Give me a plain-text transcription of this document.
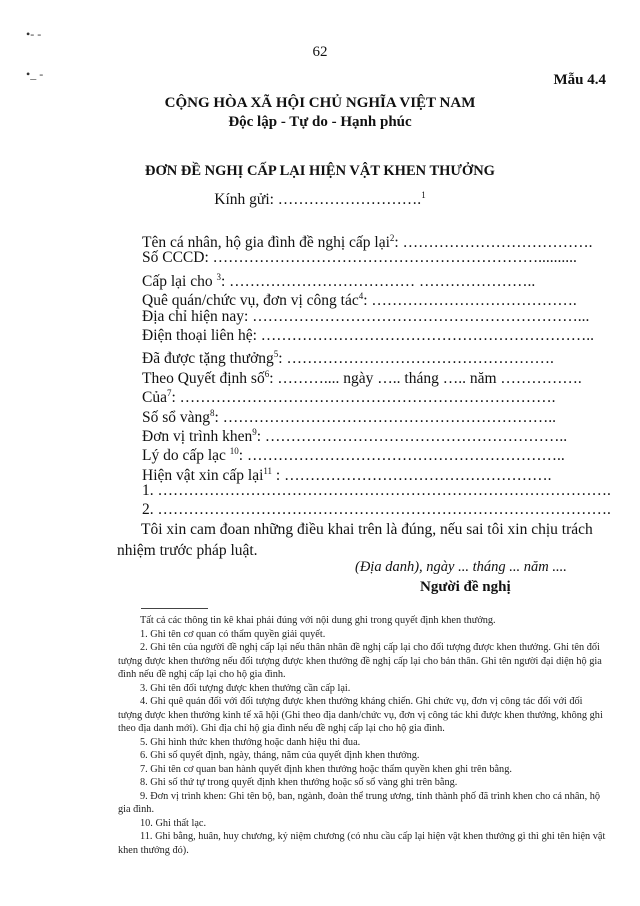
•- -
•_ -
62
Mẫu 4.4
CỘNG HÒA XÃ HỘI CHỦ NGHĨA VIỆT NAM
Độc lập - Tự do - Hạnh phúc
ĐƠN ĐỀ NGHỊ CẤP LẠI HIỆN VẬT KHEN THƯỞNG
Kính gửi: ……………………….$^1$
Tên cá nhân, hộ gia đình đề nghị cấp lại$^2$: ……………………………….
Số CCCD: ………………………………………………………..........
Cấp lại cho $^3$: ……………………………… …………………..
Quê quán/chức vụ, đơn vị công tác$^4$: ………………………………….
Địa chỉ hiện nay: ………………………………………………………...
Điện thoại liên hệ: ………………………………………………………..
Đã được tặng thưởng$^5$: …………………………………………….
Theo Quyết định số$^6$: ……….... ngày ….. tháng ….. năm …………….
Của$^7$: ……………………………………………………………….
Số sổ vàng$^8$: ………………………………………………………..
Đơn vị trình khen$^9$: …………………………………………………..
Lý do cấp lạc $^{10}$: ……………………………………………………..
Hiện vật xin cấp lại$^{11}$ : …………………………………………….
1. …………………………………………………………………………….
2. …………………………………………………………………………….
Tôi xin cam đoan những điều khai trên là đúng, nếu sai tôi xin chịu trách nhiệm trước pháp luật.
(Địa danh), ngày ... tháng ... năm ....
Người đề nghị

Tất cả các thông tin kê khai phải đúng với nội dung ghi trong quyết định khen thưởng.

1. Ghi tên cơ quan có thẩm quyền giải quyết.

2. Ghi tên của người đề nghị cấp lại nếu thân nhân đề nghị cấp lại cho đối tượng được khen thưởng. Ghi tên đối tượng được khen thưởng nếu đối tượng được khen thưởng đề nghị cấp lại cho bản thân. Ghi tên người đại diện hộ gia đình nếu đề nghị cấp lại cho hộ gia đình.

3. Ghi tên đối tượng được khen thưởng cần cấp lại.

4. Ghi quê quán đối với đối tượng được khen thưởng kháng chiến. Ghi chức vụ, đơn vị công tác đối với đối tượng được khen thưởng kinh tế xã hội (Ghi theo địa danh/chức vụ, đơn vị công tác khi được khen thưởng, không ghi theo địa danh mới). Ghi địa chỉ hộ gia đình nếu đề nghị cấp lại cho hộ gia đình.

5. Ghi hình thức khen thưởng hoặc danh hiệu thi đua.

6. Ghi số quyết định, ngày, tháng, năm của quyết định khen thưởng.

7. Ghi tên cơ quan ban hành quyết định khen thưởng hoặc thẩm quyền khen ghi trên bằng.

8. Ghi số thứ tự trong quyết định khen thưởng hoặc số sổ vàng ghi trên bằng.

9. Đơn vị trình khen: Ghi tên bộ, ban, ngành, đoàn thể trung ương, tỉnh thành phố đã trình khen cho cá nhân, hộ gia đình.

10. Ghi thất lạc.

11. Ghi bằng, huân, huy chương, kỷ niệm chương (có nhu cầu cấp lại hiện vật khen thưởng gì thì ghi tên hiện vật khen thưởng đó).
